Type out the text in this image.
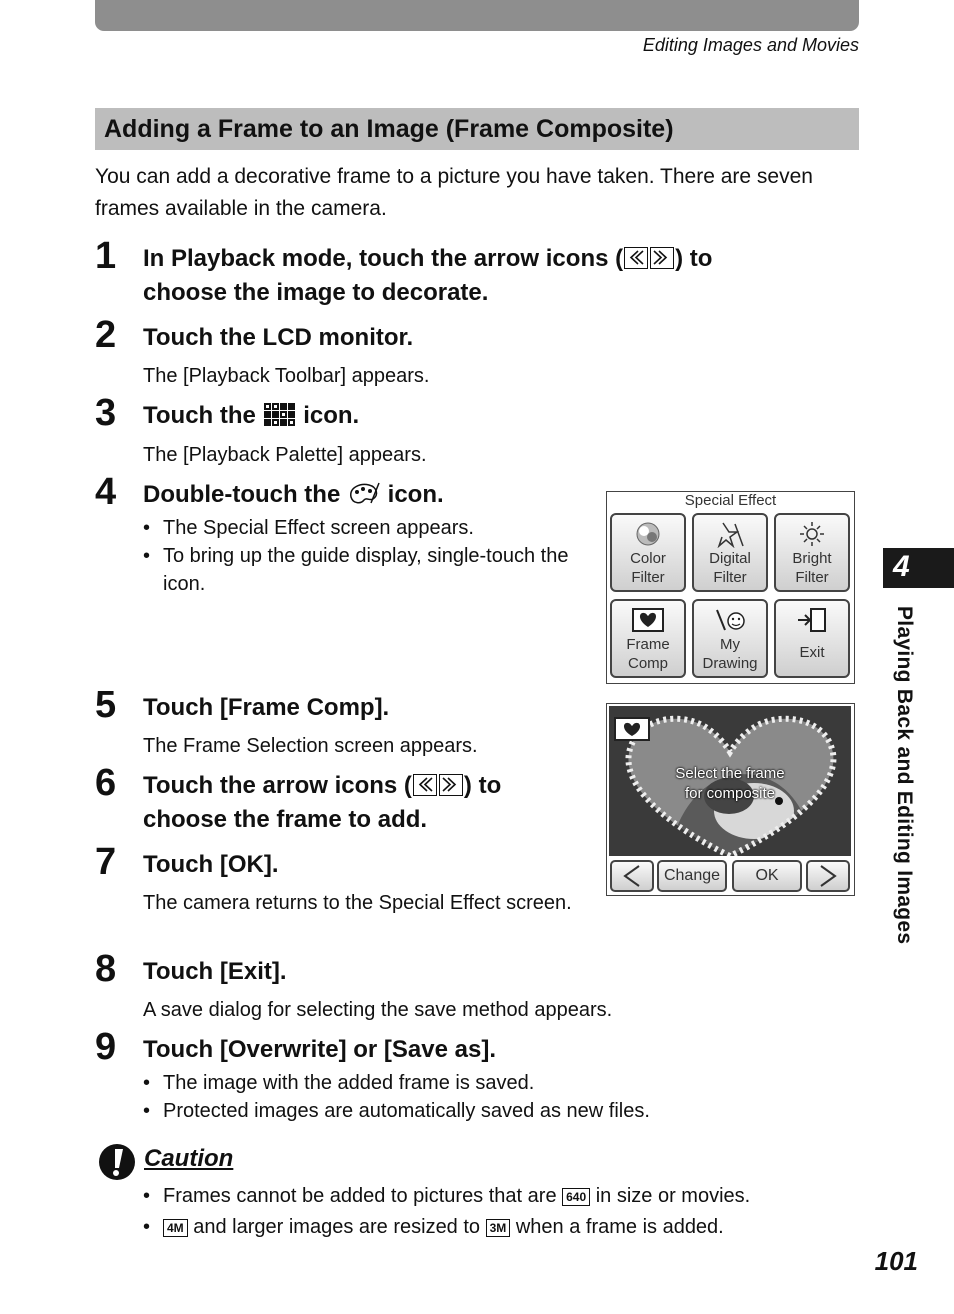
Editing Images and Movies
Adding a Frame to an Image (Frame Composite)
You can add a decorative frame to a picture you have taken. There are seven frames available in the camera.
1 In Playback mode, touch the arrow icons ( ) to
choose the image to decorate.
2 Touch the LCD monitor.
The [Playback Toolbar] appears.
3 Touch the  icon.
The [Playback Palette] appears.
4 Double-touch the  icon.
• The Special Effect screen appears.
• To bring up the guide display, single-touch the icon.
Special Effect
Color
Filter
Digital
Filter
Bright
Filter
Frame
Comp
My
Drawing
Exit
5 Touch [Frame Comp].
The Frame Selection screen appears.
Select the frame
for composite
Change	OK
6 Touch the arrow icons ( ) to
choose the frame to add.
7 Touch [OK].
The camera returns to the Special Effect screen.
8 Touch [Exit].
A save dialog for selecting the save method appears.
9 Touch [Overwrite] or [Save as].
• The image with the added frame is saved.
• Protected images are automatically saved as new files.
Caution
• Frames cannot be added to pictures that are 640 in size or movies.
•	4M and larger images are resized to 3M when a frame is added.
4
Playing Back and Editing Images
101
